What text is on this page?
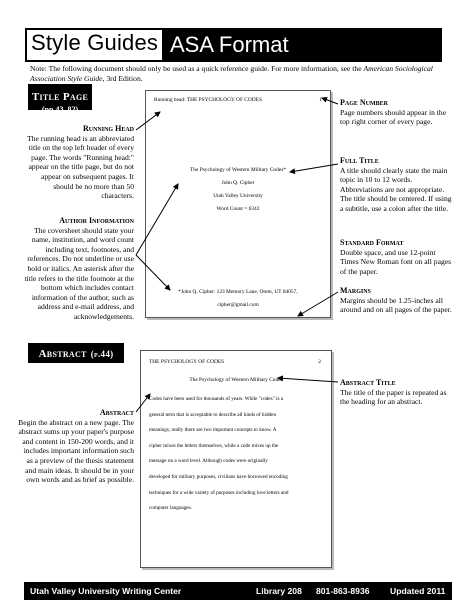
Style Guides ASA Format
Note: The following document should only be used as a quick reference guide. For more information, see the American Sociological Association Style Guide, 3rd Edition.
Title Page
(pp.43, 82)
Running Head
The running head is an abbreviated title on the top left header of every page. The words "Running head:" appear on the title page, but do not appear on subsequent pages. It should be no more than 50 characters.
Author Information
The coversheet should state your name, institution, and word count including text, footnotes, and references. Do not underline or use bold or italics. An asterisk after the title refers to the title footnote at the bottom which includes contact information of the author, such as address and e-mail address, and acknowledgements.
Running head: THE PSYCHOLOGY OF CODES	1
The Psychology of Western Military Codes*
John Q. Cipher
Utah Valley University
Word Count = 6342
*John Q. Cipher: 123 Memory Lane, Orem, UT 84057,
cipher@gmail.com
Page Number
Page numbers should appear in the top right corner of every page.
Full Title
A title should clearly state the main topic in 10 to 12 words. Abbreviations are not appropriate. The title should be centered. If using a subtitle, use a colon after the title.
Standard Format
Double space, and use 12-point Times New Roman font on all pages of the paper.
Margins
Margins should be 1.25-inches all around and on all pages of the paper.
Abstract (p.44)
Abstract
Begin the abstract on a new page. The abstract sums up your paper's purpose and content in 150-200 words, and it includes important information such as a preview of the thesis statement and main ideas. It should be in your own words and as brief as possible.
THE PSYCHOLOGY OF CODES	2
The Psychology of Western Military Codes
Codes have been used for thousands of years. While "codes" is a
general term that is acceptable to describe all kinds of hidden
meanings, really there are two important concepts to know. A
cipher mixes the letters themselves, while a code mixes up the
message on a word level. Although codes were originally
developed for military purposes, civilians have borrowed encoding
techniques for a wide variety of purposes including love letters and
computer languages.
Abstract Title
The title of the paper is repeated as the heading for an abstract.
Utah Valley University Writing Center	Library 208 801-863-8936 Updated 2011
